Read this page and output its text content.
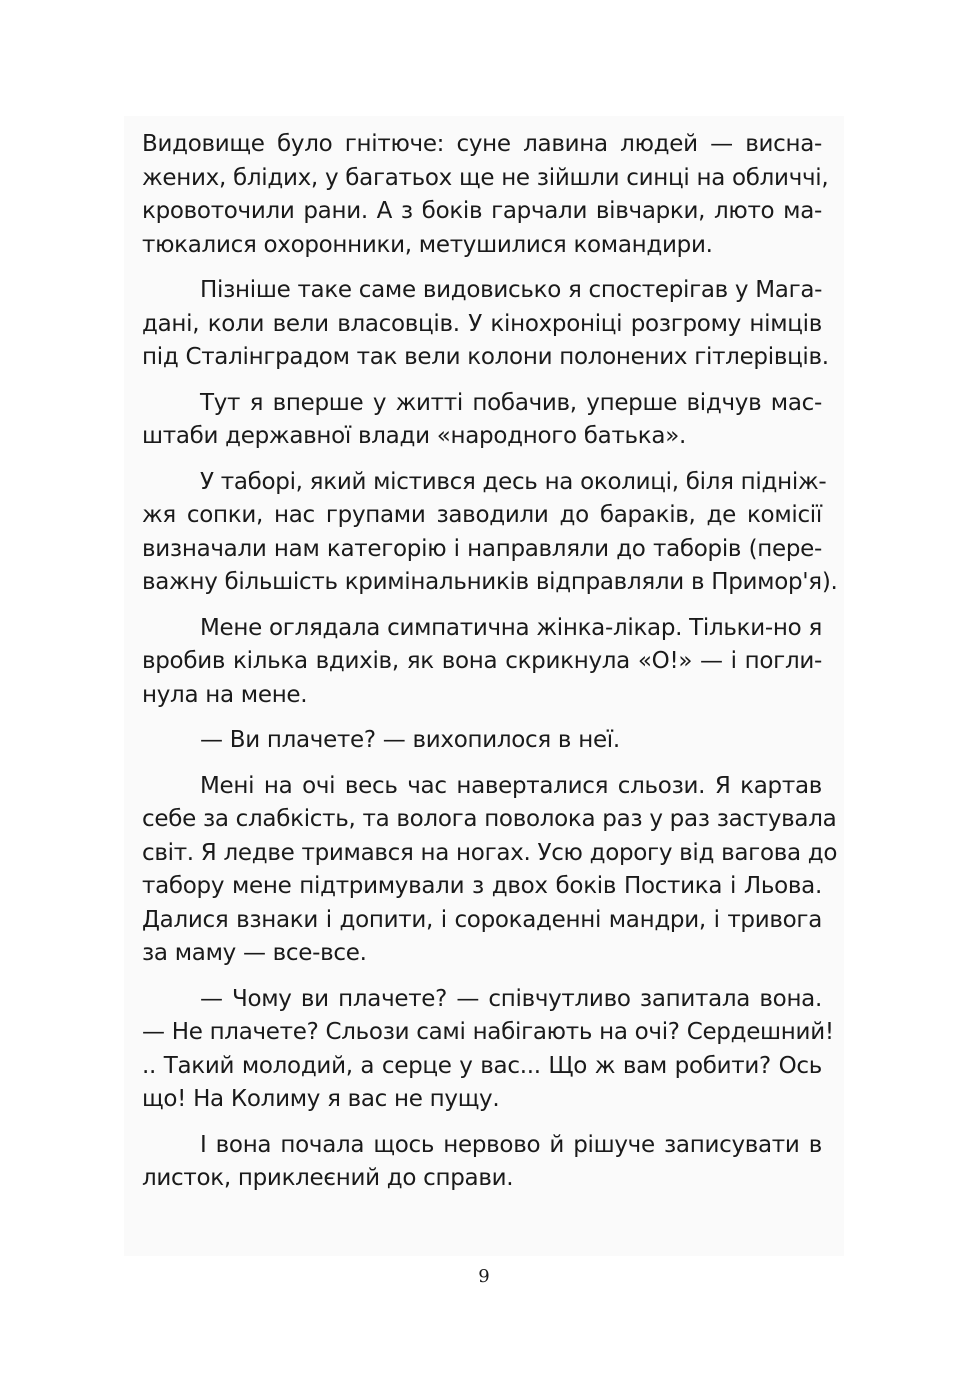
Видовище було гнітюче: суне лавина людей — висна-
жених, блідих, у багатьох ще не зійшли синці на обличчі,
кровоточили рани. А з боків гарчали вівчарки, люто ма-
тюкалися охоронники, метушилися командири.

Пізніше таке саме видовисько я спостерігав у Мага-
дані, коли вели власовців. У кінохроніці розгрому німців
під Сталінградом так вели колони полонених гітлерівців.

Тут я вперше у житті побачив, уперше відчув мас-
штаби державної влади «народного батька».

У таборі, який містився десь на околиці, біля підніж-
жя сопки, нас групами заводили до бараків, де комісії
визначали нам категорію і направляли до таборів (пере-
важну більшість кримінальників відправляли в Примор'я).

Мене оглядала симпатична жінка-лікар. Тільки-но я
вробив кілька вдихів, як вона скрикнула «О!» — і погли-
нула на мене.

— Ви плачете? — вихопилося в неї.

Мені на очі весь час наверталися сльози. Я картав
себе за слабкість, та волога поволока раз у раз застувала
світ. Я ледве тримався на ногах. Усю дорогу від вагова до
табору мене підтримували з двох боків Постика і Льова.
Далися взнаки і допити, і сорокаденні мандри, і тривога
за маму — все-все.

— Чому ви плачете? — співчутливо запитала вона.
— Не плачете? Сльози самі набігають на очі? Сердешний!
.. Такий молодий, а серце у вас... Що ж вам робити? Ось
що! На Колиму я вас не пущу.

І вона почала щось нервово й рішуче записувати в
листок, приклеєний до справи.

9
